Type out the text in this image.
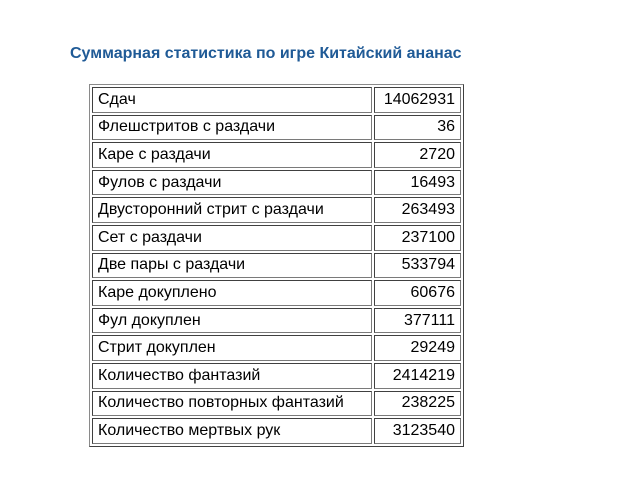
Суммарная статистика по игре Китайский ананас
Сдач	14062931
Флешстритов с раздачи	36
Каре с раздачи	2720
Фулов с раздачи	16493
Двусторонний стрит с раздачи	263493
Сет с раздачи	237100
Две пары с раздачи	533794
Каре докуплено	60676
Фул докуплен	377111
Стрит докуплен	29249
Количество фантазий	2414219
Количество повторных фантазий	238225
Количество мертвых рук	3123540
